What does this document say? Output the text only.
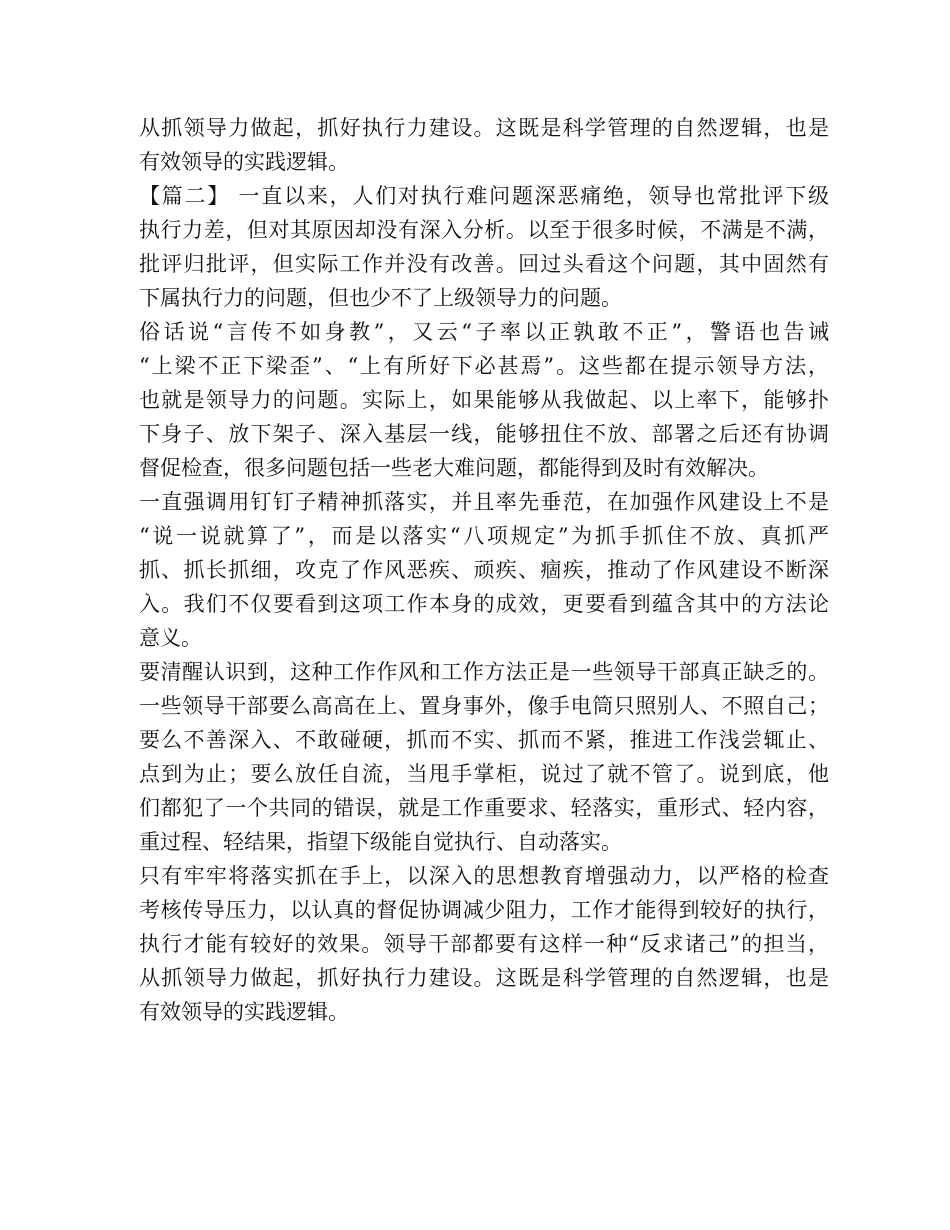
从抓领导力做起，抓好执行力建设。这既是科学管理的自然逻辑，也是
有效领导的实践逻辑。
【篇二】 一直以来，人们对执行难问题深恶痛绝，领导也常批评下级
执行力差，但对其原因却没有深入分析。以至于很多时候，不满是不满，
批评归批评，但实际工作并没有改善。回过头看这个问题，其中固然有
下属执行力的问题，但也少不了上级领导力的问题。
俗话说“言传不如身教”，又云“子率以正孰敢不正”，警语也告诫
“上梁不正下梁歪”、“上有所好下必甚焉”。这些都在提示领导方法，
也就是领导力的问题。实际上，如果能够从我做起、以上率下，能够扑
下身子、放下架子、深入基层一线，能够扭住不放、部署之后还有协调
督促检查，很多问题包括一些老大难问题，都能得到及时有效解决。
一直强调用钉钉子精神抓落实，并且率先垂范，在加强作风建设上不是
“说一说就算了”，而是以落实“八项规定”为抓手抓住不放、真抓严
抓、抓长抓细，攻克了作风恶疾、顽疾、痼疾，推动了作风建设不断深
入。我们不仅要看到这项工作本身的成效，更要看到蕴含其中的方法论
意义。
要清醒认识到，这种工作作风和工作方法正是一些领导干部真正缺乏的。
一些领导干部要么高高在上、置身事外，像手电筒只照别人、不照自己；
要么不善深入、不敢碰硬，抓而不实、抓而不紧，推进工作浅尝辄止、
点到为止；要么放任自流，当甩手掌柜，说过了就不管了。说到底，他
们都犯了一个共同的错误，就是工作重要求、轻落实，重形式、轻内容，
重过程、轻结果，指望下级能自觉执行、自动落实。
只有牢牢将落实抓在手上，以深入的思想教育增强动力，以严格的检查
考核传导压力，以认真的督促协调减少阻力，工作才能得到较好的执行，
执行才能有较好的效果。领导干部都要有这样一种“反求诸己”的担当，
从抓领导力做起，抓好执行力建设。这既是科学管理的自然逻辑，也是
有效领导的实践逻辑。
